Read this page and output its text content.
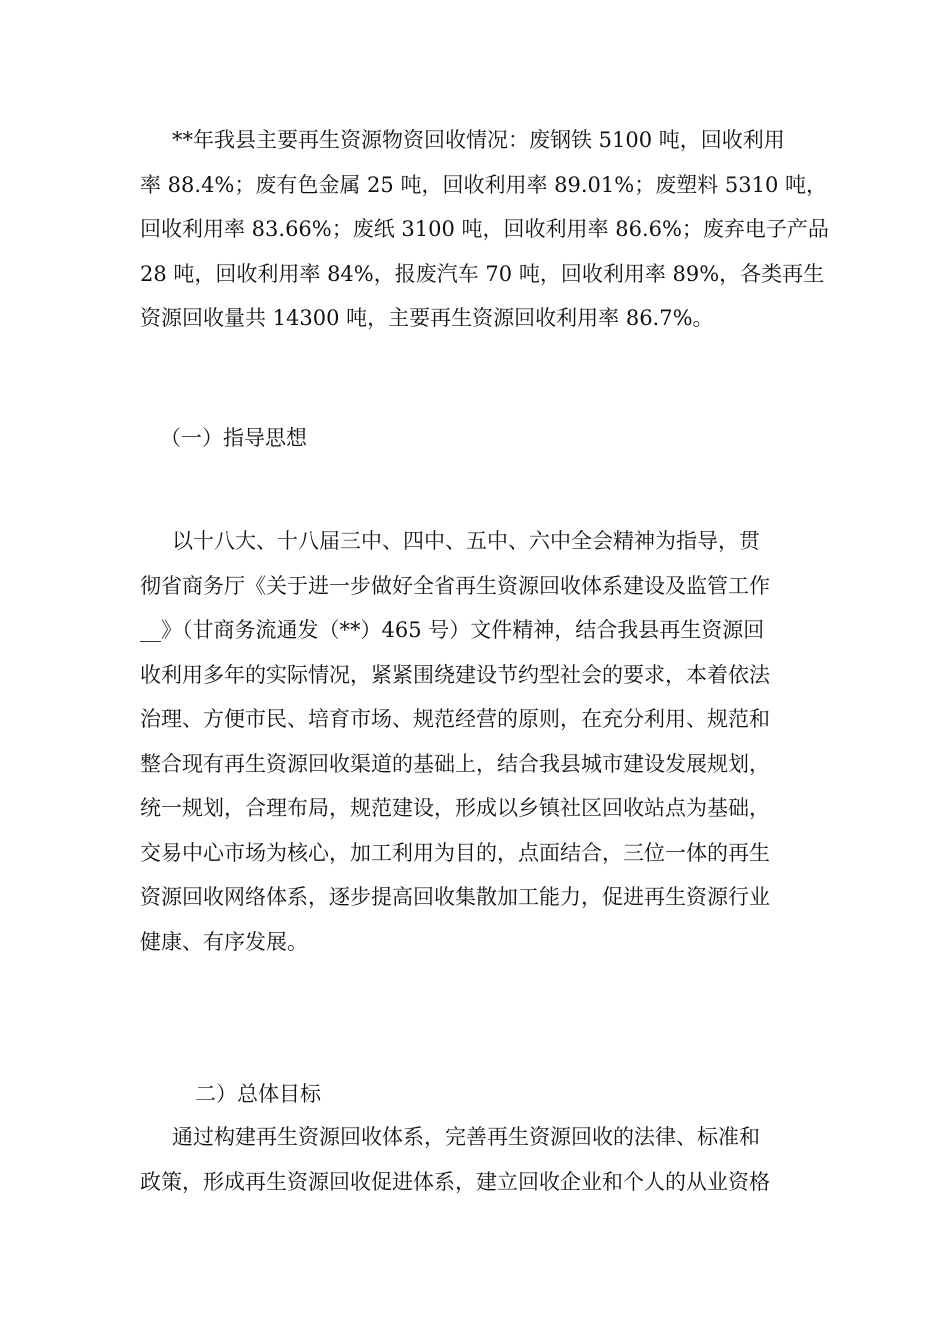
**年我县主要再生资源物资回收情况：废钢铁 5100 吨，回收利用
率 88.4%；废有色金属 25 吨，回收利用率 89.01%；废塑料 5310 吨，
回收利用率 83.66%；废纸 3100 吨，回收利用率 86.6%；废弃电子产品
28 吨，回收利用率 84%，报废汽车 70 吨，回收利用率 89%，各类再生
资源回收量共 14300 吨，主要再生资源回收利用率 86.7%。
（一）指导思想
以十八大、十八届三中、四中、五中、六中全会精神为指导，贯
彻省商务厅《关于进一步做好全省再生资源回收体系建设及监管工作
__》（甘商务流通发（**）465 号）文件精神，结合我县再生资源回
收利用多年的实际情况，紧紧围绕建设节约型社会的要求，本着依法
治理、方便市民、培育市场、规范经营的原则，在充分利用、规范和
整合现有再生资源回收渠道的基础上，结合我县城市建设发展规划，
统一规划，合理布局，规范建设，形成以乡镇社区回收站点为基础，
交易中心市场为核心，加工利用为目的，点面结合，三位一体的再生
资源回收网络体系，逐步提高回收集散加工能力，促进再生资源行业
健康、有序发展。
二）总体目标
通过构建再生资源回收体系，完善再生资源回收的法律、标准和
政策，形成再生资源回收促进体系，建立回收企业和个人的从业资格
